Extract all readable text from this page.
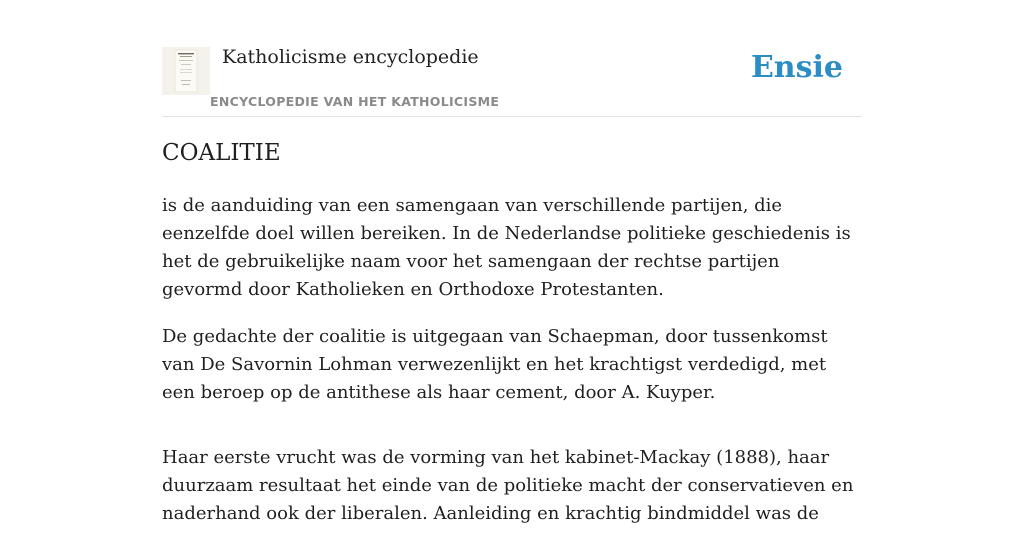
Katholicisme encyclopedie
ENCYCLOPEDIE VAN HET KATHOLICISME
Ensie
COALITIE

is de aanduiding van een samengaan van verschillende partijen, die eenzelfde doel willen bereiken. In de Nederlandse politieke geschiedenis is het de gebruikelijke naam voor het samengaan der rechtse partijen gevormd door Katholieken en Orthodoxe Protestanten.

De gedachte der coalitie is uitgegaan van Schaepman, door tussenkomst van De Savornin Lohman verwezenlijkt en het krachtigst verdedigd, met een beroep op de antithese als haar cement, door A. Kuyper.

Haar eerste vrucht was de vorming van het kabinet-Mackay (1888), haar duurzaam resultaat het einde van de politieke macht der conservatieven en naderhand ook der liberalen. Aanleiding en krachtig bindmiddel was de
